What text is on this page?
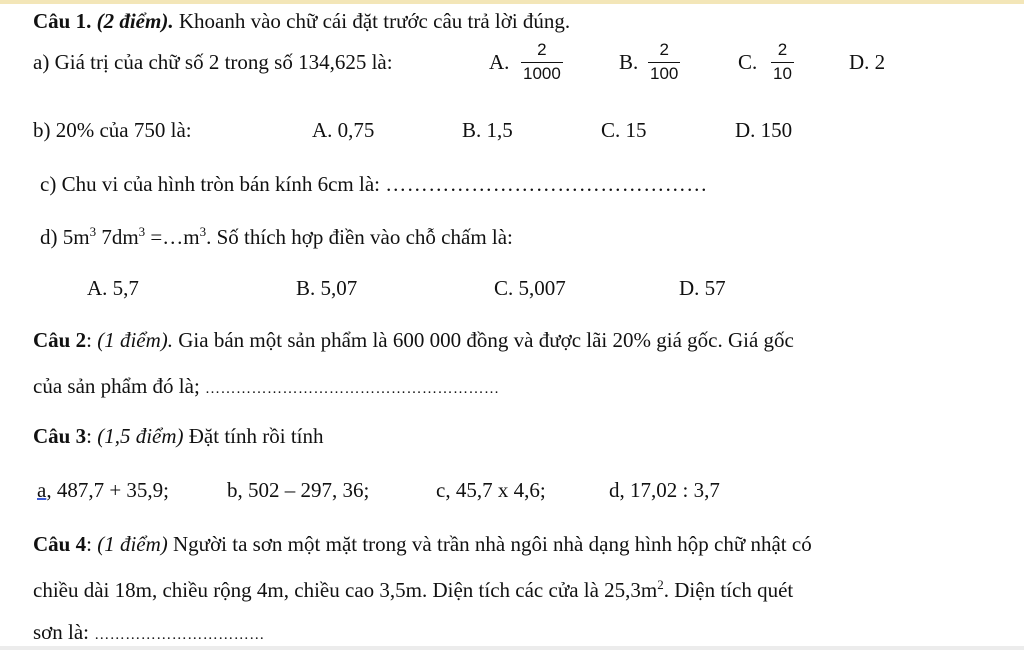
Câu 1. (2 điểm). Khoanh vào chữ cái đặt trước câu trả lời đúng.
a) Giá trị của chữ số 2 trong số 134,625 là:	A.
2
1000	B.
2
100	C.
2
10	D. 2
b) 20% của 750 là:	A. 0,75	B. 1,5	C. 15	D. 150
c) Chu vi của hình tròn bán kính 6cm là: ………………………………………
d) $5m^3$ $7dm^3$ $=\dots m^3$. Số thích hợp điền vào chỗ chấm là:
A. 5,7	B. 5,07	C. 5,007	D. 57
Câu 2: (1 điểm). Gia bán một sản phẩm là 600 000 đồng và được lãi 20% giá gốc. Giá gốc
của sản phẩm đó là; …………………………………………………
Câu 3: (1,5 điểm) Đặt tính rồi tính
a, 487,7 + 35,9;	b, 502 – 297, 36;	c, 45,7 x 4,6;	d, 17,02 : 3,7
Câu 4: (1 điểm) Người ta sơn một mặt trong và trần nhà ngôi nhà dạng hình hộp chữ nhật có
chiều dài 18m, chiều rộng 4m, chiều cao 3,5m. Diện tích các cửa là $25,3m^2$. Diện tích quét
sơn là: ……………………………
